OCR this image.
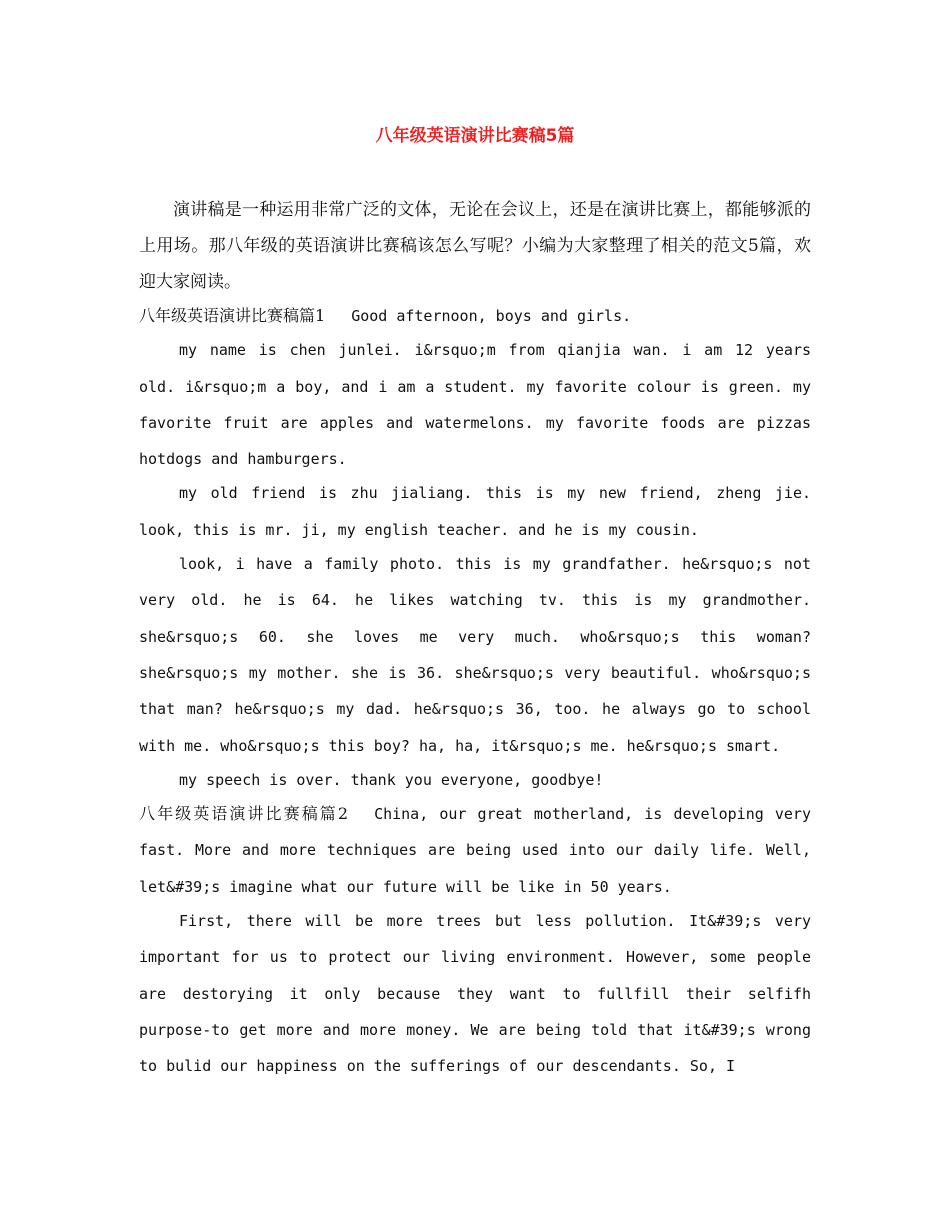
八年级英语演讲比赛稿5篇

演讲稿是一种运用非常广泛的文体，无论在会议上，还是在演讲比赛上，都能够派的上用场。那八年级的英语演讲比赛稿该怎么写呢？小编为大家整理了相关的范文5篇，欢迎大家阅读。

八年级英语演讲比赛稿篇1 Good afternoon, boys and girls.

my name is chen junlei. i&rsquo;m from qianjia wan. i am 12 years old. i&rsquo;m a boy, and i am a student. my favorite colour is green. my favorite fruit are apples and watermelons. my favorite foods are pizzas hotdogs and hamburgers.

my old friend is zhu jialiang. this is my new friend, zheng jie. look, this is mr. ji, my english teacher. and he is my cousin.

look, i have a family photo. this is my grandfather. he&rsquo;s not very old. he is 64. he likes watching tv. this is my grandmother. she&rsquo;s 60. she loves me very much. who&rsquo;s this woman? she&rsquo;s my mother. she is 36. she&rsquo;s very beautiful. who&rsquo;s that man? he&rsquo;s my dad. he&rsquo;s 36, too. he always go to school with me. who&rsquo;s this boy? ha, ha, it&rsquo;s me. he&rsquo;s smart.

my speech is over. thank you everyone, goodbye!

八年级英语演讲比赛稿篇2 China, our great motherland, is developing very fast. More and more techniques are being used into our daily life. Well, let&#39;s imagine what our future will be like in 50 years.

First, there will be more trees but less pollution. It&#39;s very important for us to protect our living environment. However, some people are destorying it only because they want to fullfill their selfifh purpose-to get more and more money. We are being told that it&#39;s wrong to bulid our happiness on the sufferings of our descendants. So, I
